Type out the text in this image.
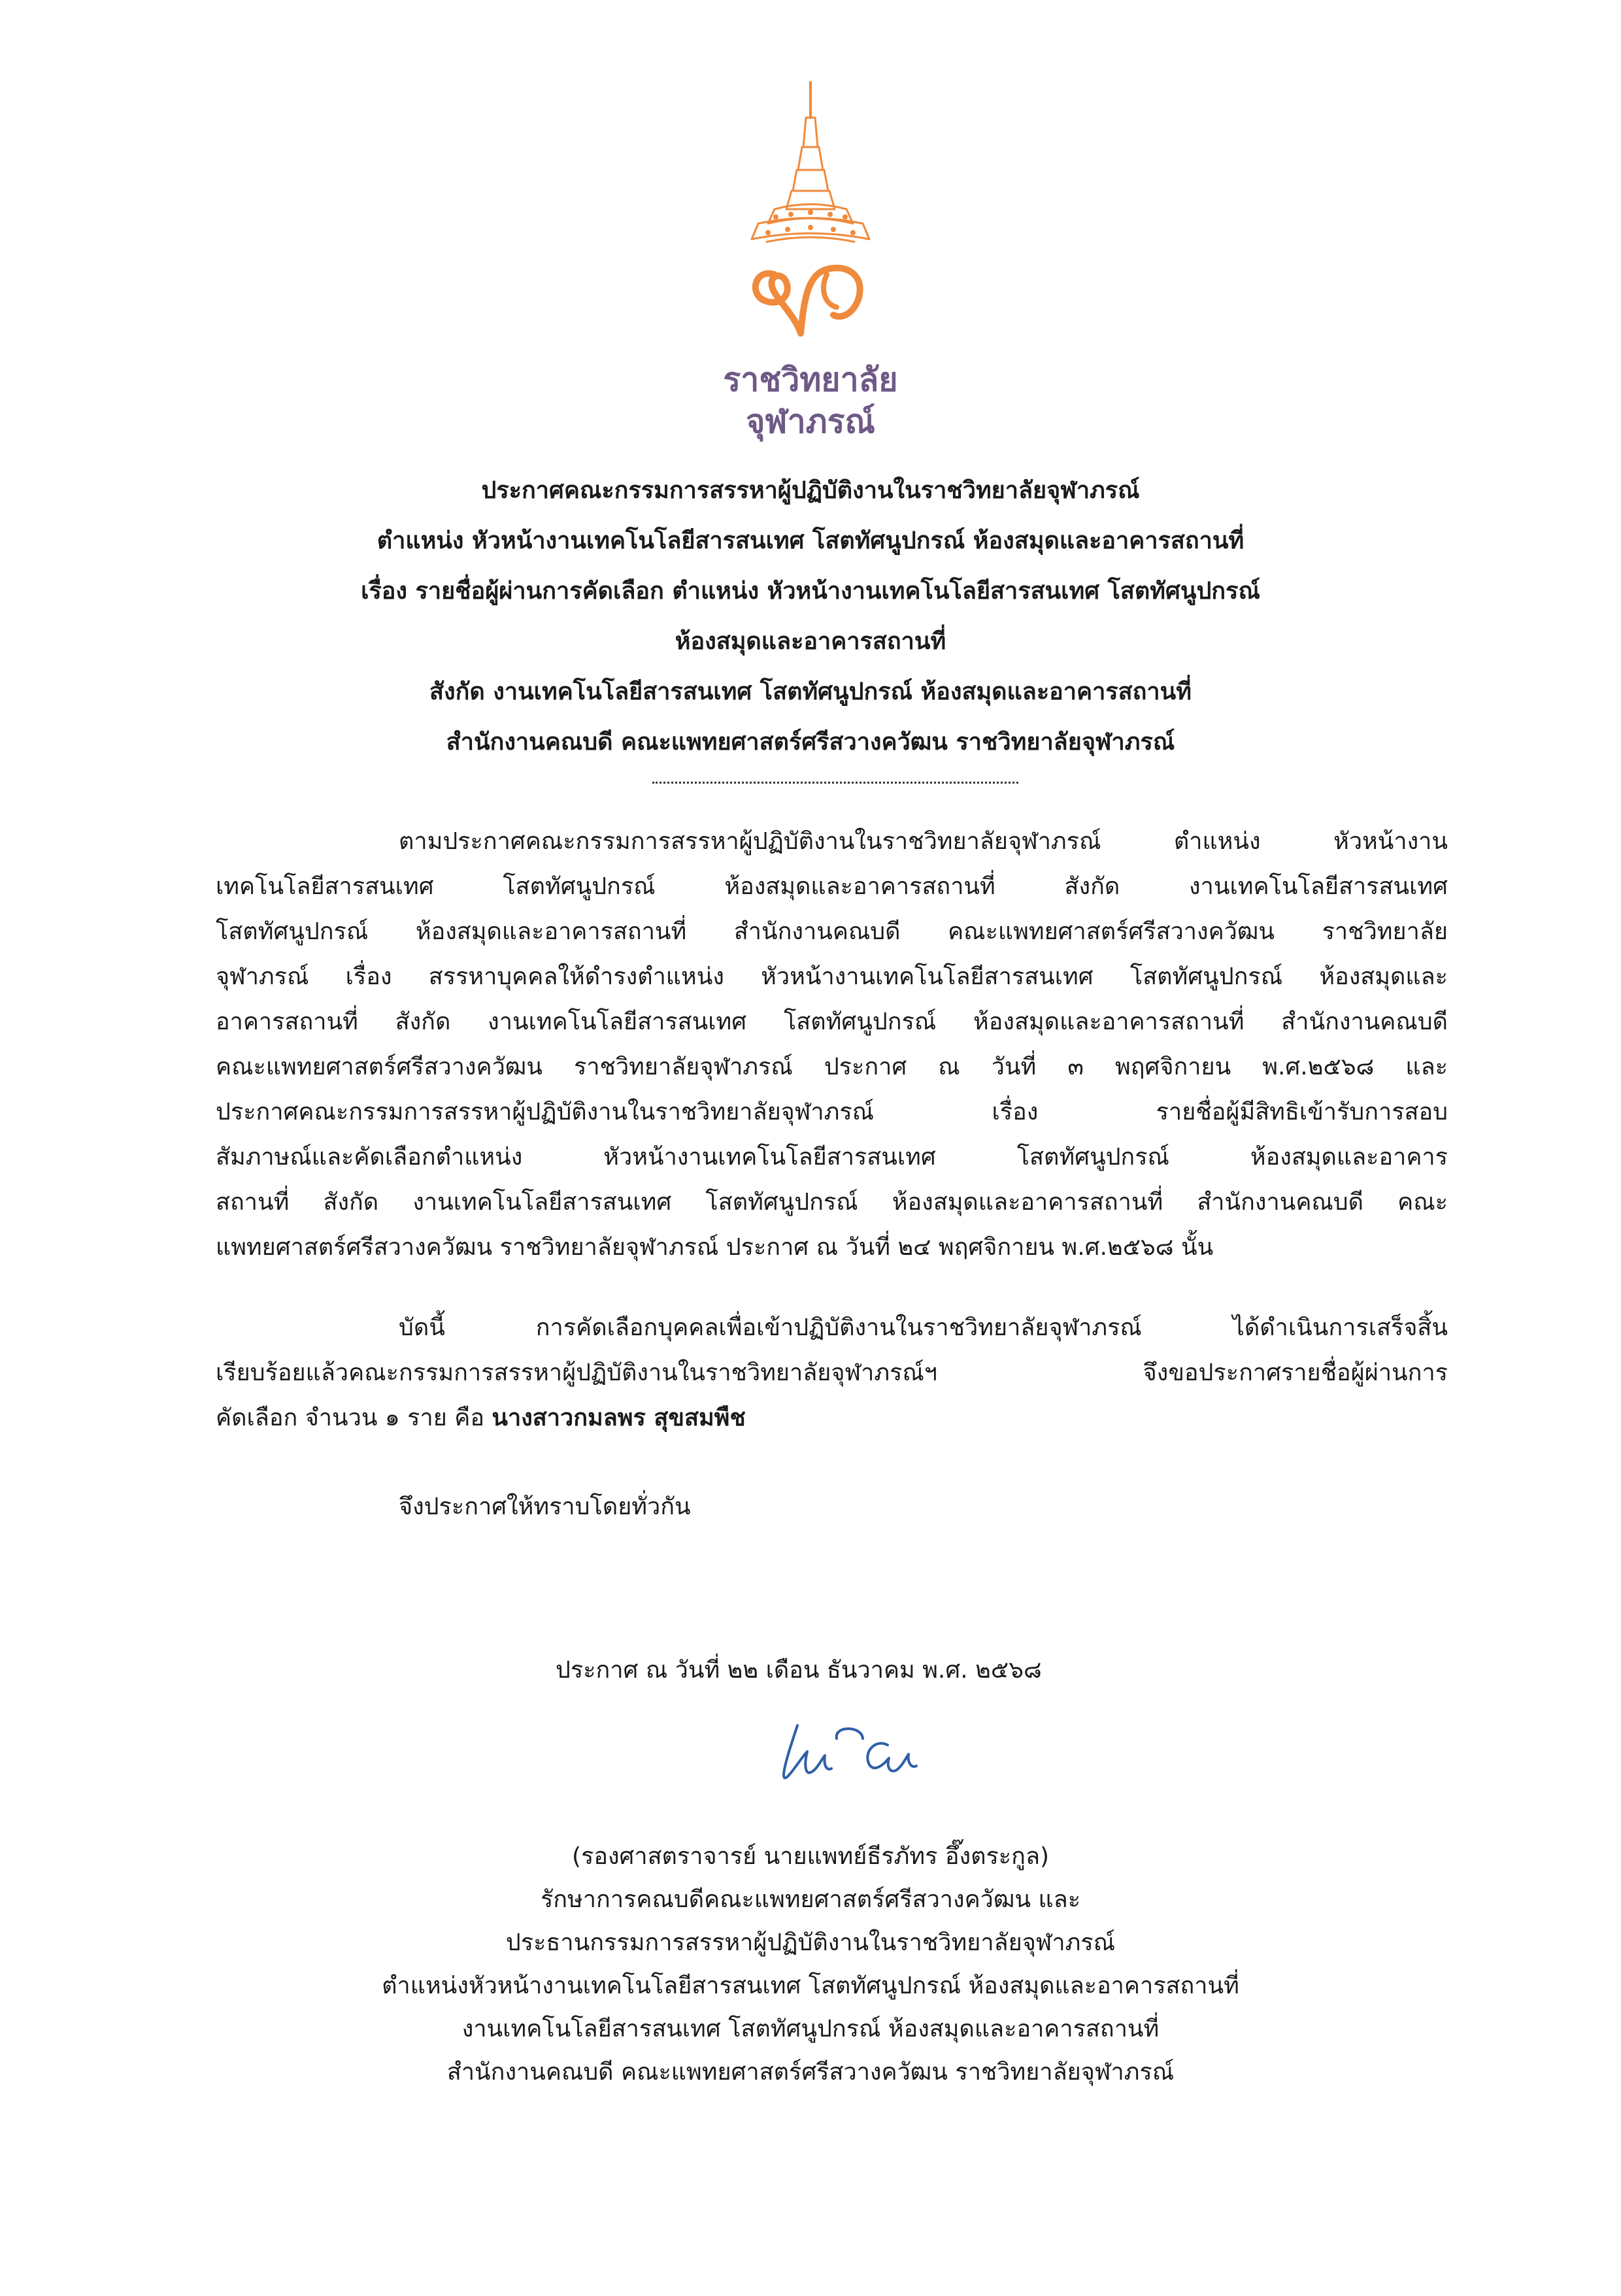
ราชวิทยาลัย
จุฬาภรณ์
ประกาศคณะกรรมการสรรหาผู้ปฏิบัติงานในราชวิทยาลัยจุฬาภรณ์
ตำแหน่ง หัวหน้างานเทคโนโลยีสารสนเทศ โสตทัศนูปกรณ์ ห้องสมุดและอาคารสถานที่
เรื่อง รายชื่อผู้ผ่านการคัดเลือก ตำแหน่ง หัวหน้างานเทคโนโลยีสารสนเทศ โสตทัศนูปกรณ์
ห้องสมุดและอาคารสถานที่
สังกัด งานเทคโนโลยีสารสนเทศ โสตทัศนูปกรณ์ ห้องสมุดและอาคารสถานที่
สำนักงานคณบดี คณะแพทยศาสตร์ศรีสวางควัฒน ราชวิทยาลัยจุฬาภรณ์
ตามประกาศคณะกรรมการสรรหาผู้ปฏิบัติงานในราชวิทยาลัยจุฬาภรณ์ ตำแหน่ง หัวหน้างาน
เทคโนโลยีสารสนเทศ โสตทัศนูปกรณ์ ห้องสมุดและอาคารสถานที่ สังกัด งานเทคโนโลยีสารสนเทศ
โสตทัศนูปกรณ์ ห้องสมุดและอาคารสถานที่ สำนักงานคณบดี คณะแพทยศาสตร์ศรีสวางควัฒน ราชวิทยาลัย
จุฬาภรณ์ เรื่อง สรรหาบุคคลให้ดำรงตำแหน่ง หัวหน้างานเทคโนโลยีสารสนเทศ โสตทัศนูปกรณ์ ห้องสมุดและ
อาคารสถานที่ สังกัด งานเทคโนโลยีสารสนเทศ โสตทัศนูปกรณ์ ห้องสมุดและอาคารสถานที่ สำนักงานคณบดี
คณะแพทยศาสตร์ศรีสวางควัฒน ราชวิทยาลัยจุฬาภรณ์ ประกาศ ณ วันที่ ๓ พฤศจิกายน พ.ศ.๒๕๖๘ และ
ประกาศคณะกรรมการสรรหาผู้ปฏิบัติงานในราชวิทยาลัยจุฬาภรณ์ เรื่อง รายชื่อผู้มีสิทธิเข้ารับการสอบ
สัมภาษณ์และคัดเลือกตำแหน่ง หัวหน้างานเทคโนโลยีสารสนเทศ โสตทัศนูปกรณ์ ห้องสมุดและอาคาร
สถานที่ สังกัด งานเทคโนโลยีสารสนเทศ โสตทัศนูปกรณ์ ห้องสมุดและอาคารสถานที่ สำนักงานคณบดี คณะ
แพทยศาสตร์ศรีสวางควัฒน ราชวิทยาลัยจุฬาภรณ์ ประกาศ ณ วันที่ ๒๔ พฤศจิกายน พ.ศ.๒๕๖๘ นั้น
บัดนี้ การคัดเลือกบุคคลเพื่อเข้าปฏิบัติงานในราชวิทยาลัยจุฬาภรณ์ ได้ดำเนินการเสร็จสิ้น
เรียบร้อยแล้วคณะกรรมการสรรหาผู้ปฏิบัติงานในราชวิทยาลัยจุฬาภรณ์ฯ จึงขอประกาศรายชื่อผู้ผ่านการ
คัดเลือก จำนวน ๑ ราย คือ นางสาวกมลพร สุขสมพืช
จึงประกาศให้ทราบโดยทั่วกัน
ประกาศ ณ วันที่ ๒๒ เดือน ธันวาคม พ.ศ. ๒๕๖๘
(รองศาสตราจารย์ นายแพทย์ธีรภัทร อึ๊งตระกูล)
รักษาการคณบดีคณะแพทยศาสตร์ศรีสวางควัฒน และ
ประธานกรรมการสรรหาผู้ปฏิบัติงานในราชวิทยาลัยจุฬาภรณ์
ตำแหน่งหัวหน้างานเทคโนโลยีสารสนเทศ โสตทัศนูปกรณ์ ห้องสมุดและอาคารสถานที่
งานเทคโนโลยีสารสนเทศ โสตทัศนูปกรณ์ ห้องสมุดและอาคารสถานที่
สำนักงานคณบดี คณะแพทยศาสตร์ศรีสวางควัฒน ราชวิทยาลัยจุฬาภรณ์
